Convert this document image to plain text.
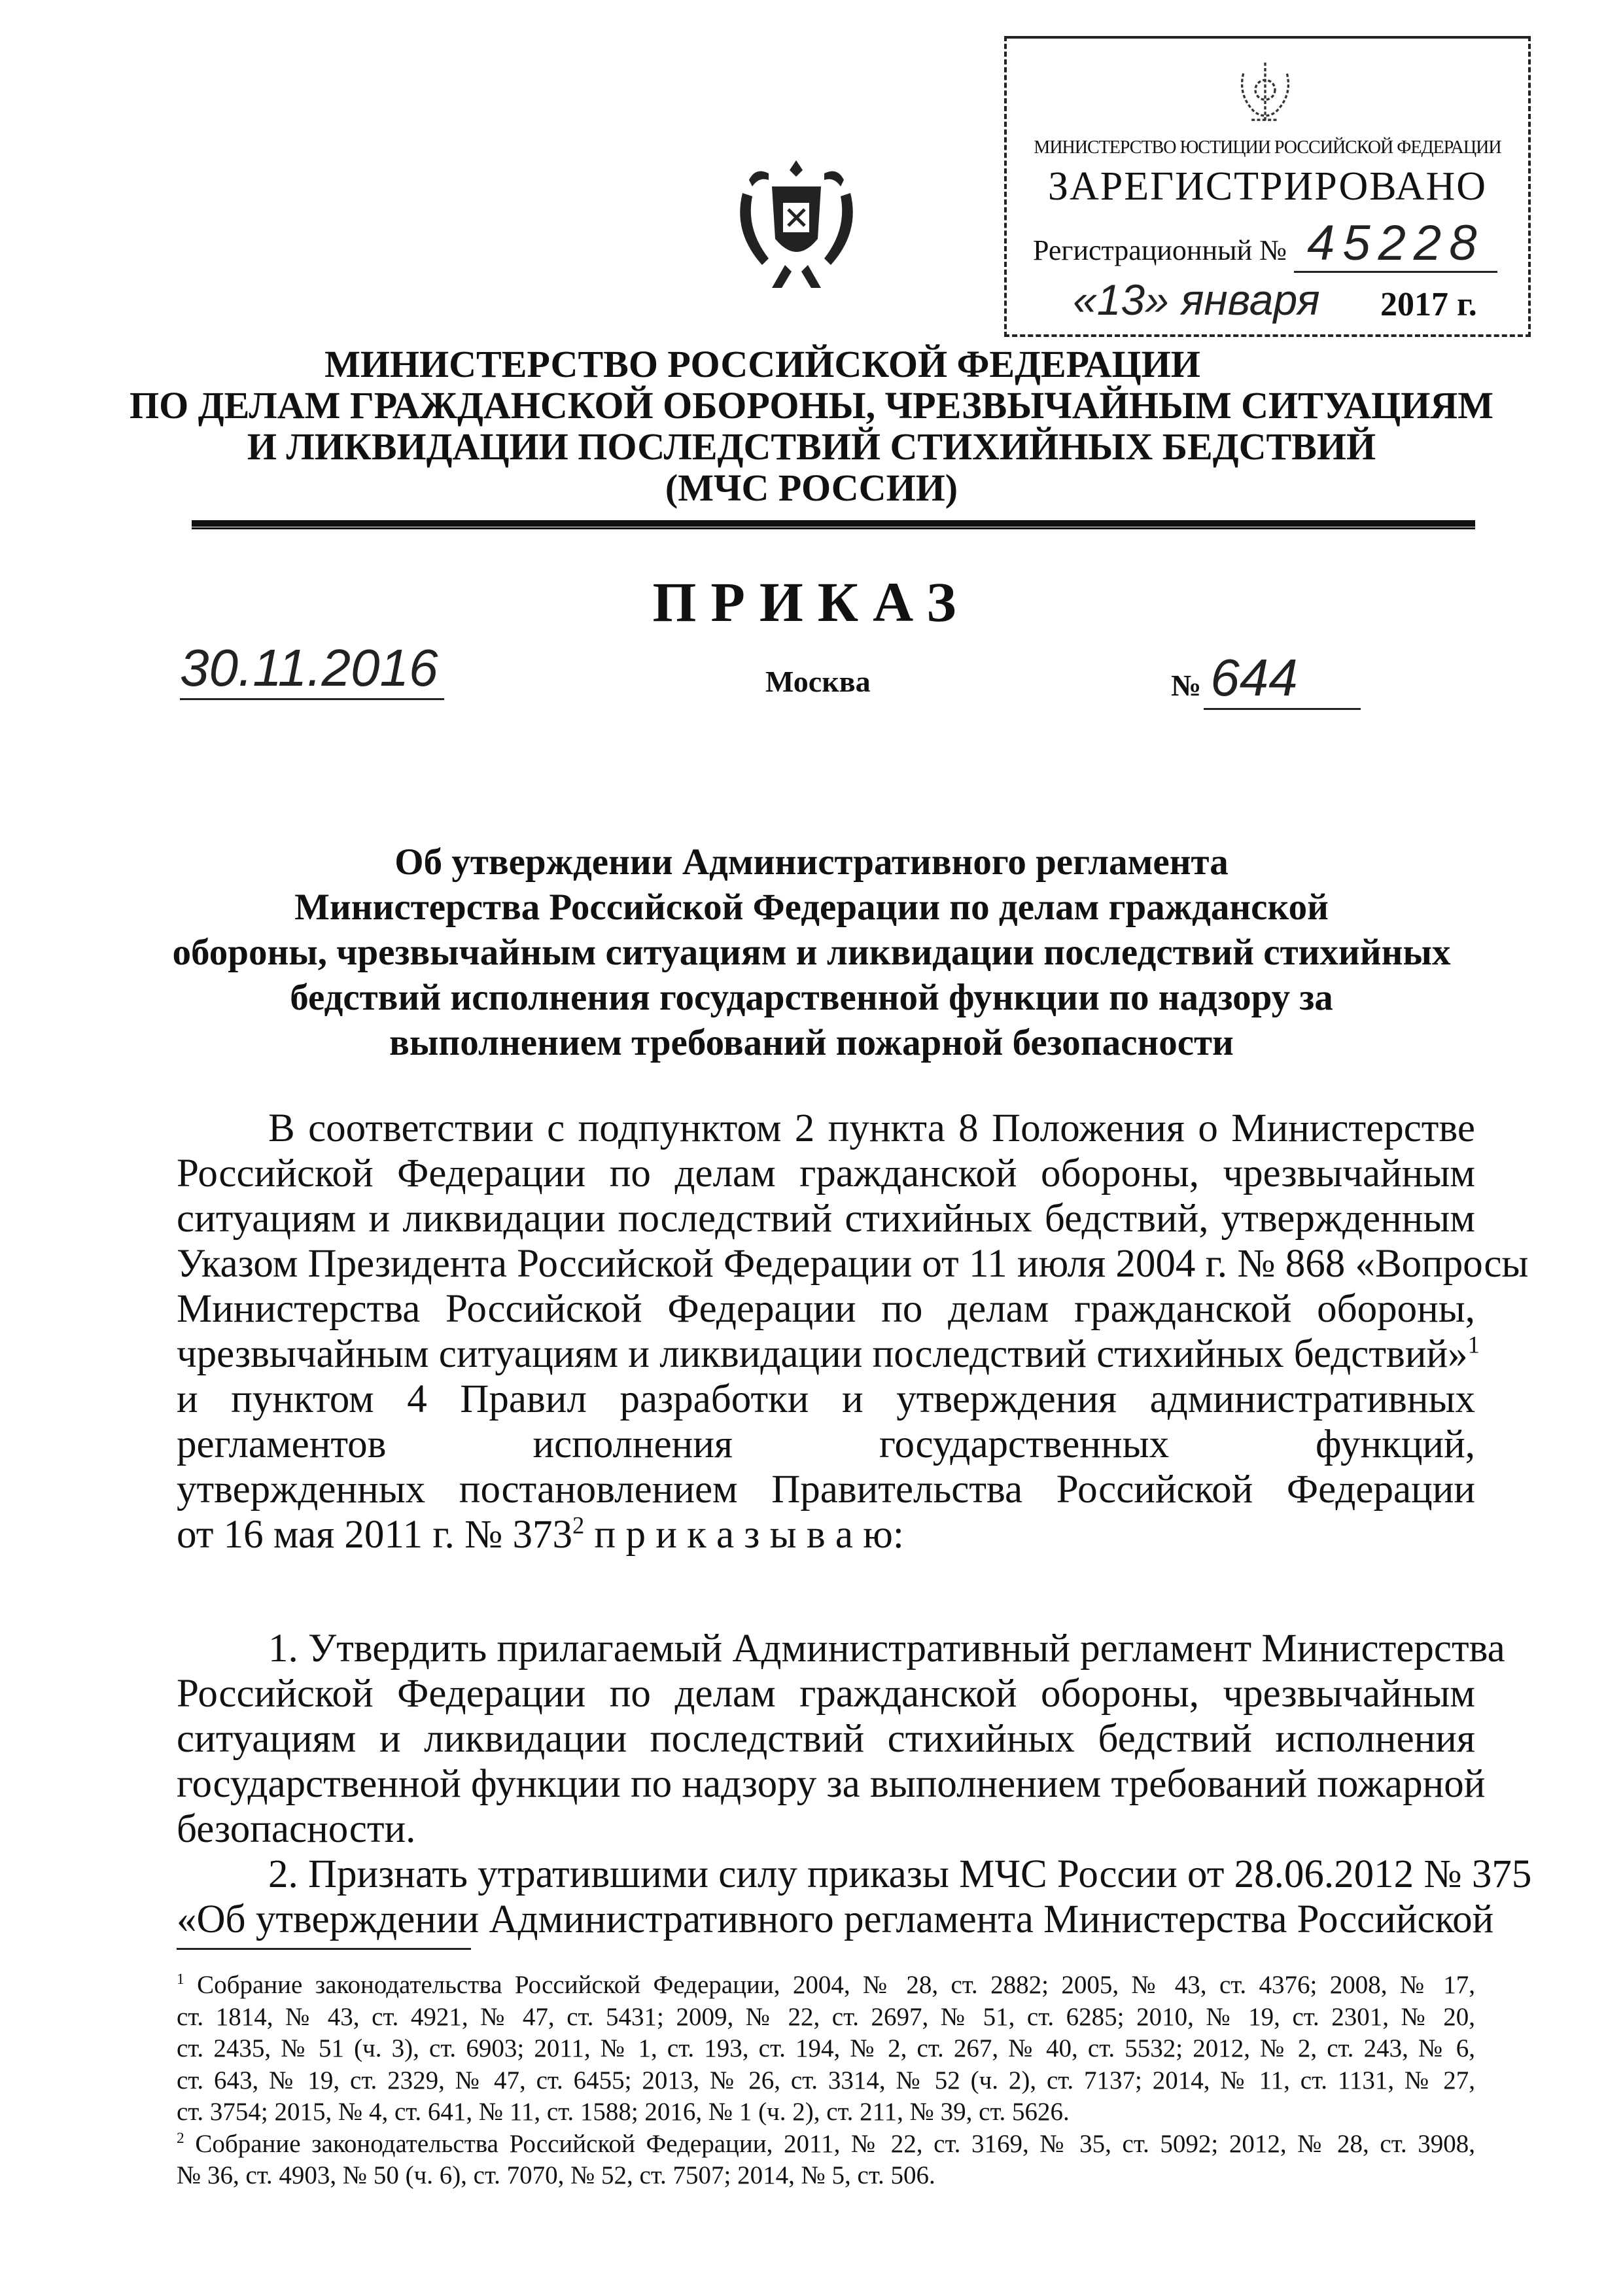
МИНИСТЕРСТВО ЮСТИЦИИ РОССИЙСКОЙ ФЕДЕРАЦИИ
ЗАРЕГИСТРИРОВАНО
Регистрационный № 45228
«13» января 2017 г.
МИНИСТЕРСТВО РОССИЙСКОЙ ФЕДЕРАЦИИ
ПО ДЕЛАМ ГРАЖДАНСКОЙ ОБОРОНЫ, ЧРЕЗВЫЧАЙНЫМ СИТУАЦИЯМ
И ЛИКВИДАЦИИ ПОСЛЕДСТВИЙ СТИХИЙНЫХ БЕДСТВИЙ
(МЧС РОССИИ)
ПРИКАЗ
30.11.2016	Москва	№ 644
Об утверждении Административного регламента
Министерства Российской Федерации по делам гражданской
обороны, чрезвычайным ситуациям и ликвидации последствий стихийных
бедствий исполнения государственной функции по надзору за
выполнением требований пожарной безопасности
В соответствии с подпунктом 2 пункта 8 Положения о Министерстве
Российской Федерации по делам гражданской обороны, чрезвычайным
ситуациям и ликвидации последствий стихийных бедствий, утвержденным
Указом Президента Российской Федерации от 11 июля 2004 г. № 868 «Вопросы
Министерства Российской Федерации по делам гражданской обороны,
чрезвычайным ситуациям и ликвидации последствий стихийных бедствий»$^1$
и пунктом 4 Правил разработки и утверждения административных
регламентов исполнения государственных функций,
утвержденных постановлением Правительства Российской Федерации
от 16 мая 2011 г. № $373^2$ п р и к а з ы в а ю:
1. Утвердить прилагаемый Административный регламент Министерства
Российской Федерации по делам гражданской обороны, чрезвычайным
ситуациям и ликвидации последствий стихийных бедствий исполнения
государственной функции по надзору за выполнением требований пожарной
безопасности.
2. Признать утратившими силу приказы МЧС России от 28.06.2012 № 375
«Об утверждении Административного регламента Министерства Российской
$^1$ Собрание законодательства Российской Федерации, 2004, № 28, ст. 2882; 2005, № 43, ст. 4376; 2008, № 17,
ст. 1814, № 43, ст. 4921, № 47, ст. 5431; 2009, № 22, ст. 2697, № 51, ст. 6285; 2010, № 19, ст. 2301, № 20,
ст. 2435, № 51 (ч. 3), ст. 6903; 2011, № 1, ст. 193, ст. 194, № 2, ст. 267, № 40, ст. 5532; 2012, № 2, ст. 243, № 6,
ст. 643, № 19, ст. 2329, № 47, ст. 6455; 2013, № 26, ст. 3314, № 52 (ч. 2), ст. 7137; 2014, № 11, ст. 1131, № 27,
ст. 3754; 2015, № 4, ст. 641, № 11, ст. 1588; 2016, № 1 (ч. 2), ст. 211, № 39, ст. 5626.
$^2$ Собрание законодательства Российской Федерации, 2011, № 22, ст. 3169, № 35, ст. 5092; 2012, № 28, ст. 3908,
№ 36, ст. 4903, № 50 (ч. 6), ст. 7070, № 52, ст. 7507; 2014, № 5, ст. 506.
